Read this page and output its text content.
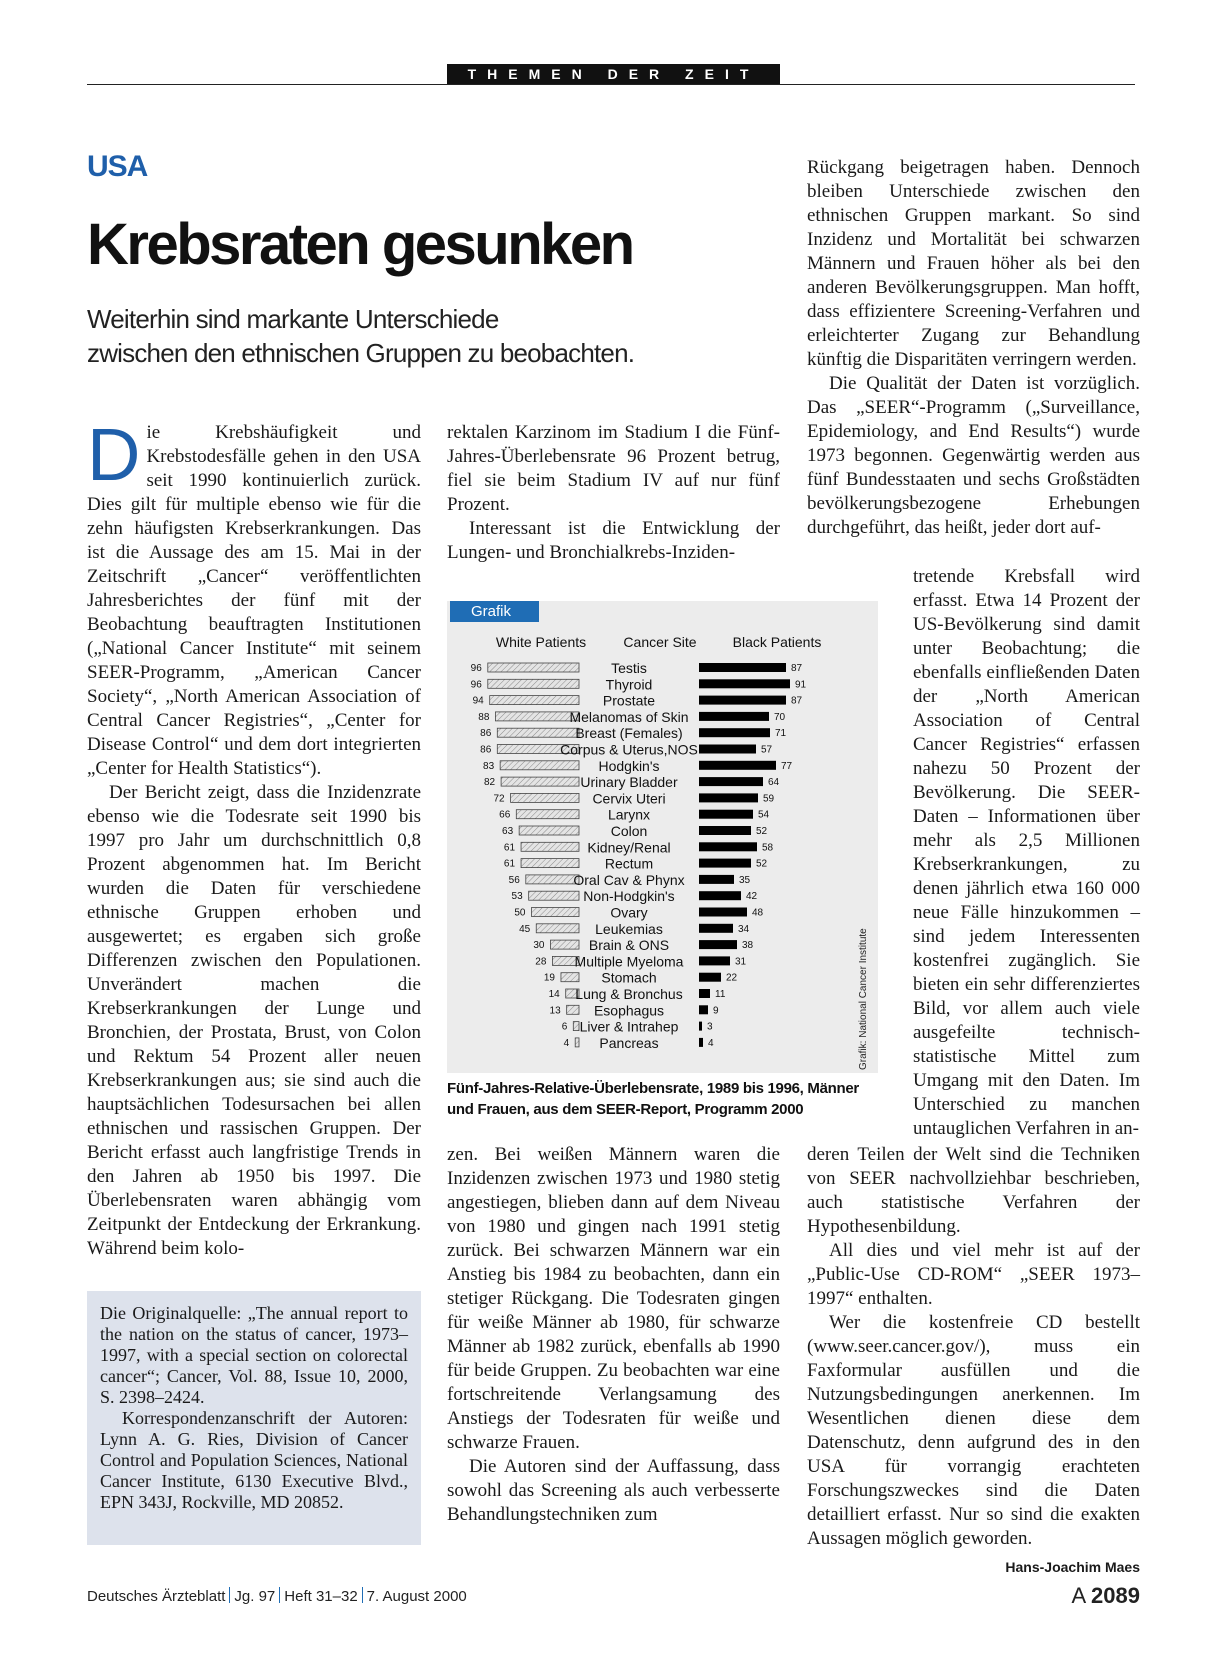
THEMEN DER ZEIT
USA
Krebsraten gesunken
Weiterhin sind markante Unterschiede
zwischen den ethnischen Gruppen zu beobachten.

Die Krebshäufigkeit und Krebstodesfälle gehen in den USA seit 1990 kontinuierlich zurück. Dies gilt für multiple ebenso wie für die zehn häufigsten Krebserkrankungen. Das ist die Aussage des am 15. Mai in der Zeitschrift „Cancer“ veröffentlichten Jahresberichtes der fünf mit der Beobachtung beauftragten Institutionen („National Cancer Institute“ mit seinem SEER-Programm, „American Cancer Society“, „North American Association of Central Cancer Registries“, „Center for Disease Control“ und dem dort integrierten „Center for Health Statistics“).

Der Bericht zeigt, dass die Inzidenzrate ebenso wie die Todesrate seit 1990 bis 1997 pro Jahr um durchschnittlich 0,8 Prozent abgenommen hat. Im Bericht wurden die Daten für verschiedene ethnische Gruppen erhoben und ausgewertet; es ergaben sich große Differenzen zwischen den Populationen. Unverändert machen die Krebserkrankungen der Lunge und Bronchien, der Prostata, Brust, von Colon und Rektum 54 Prozent aller neuen Krebserkrankungen aus; sie sind auch die hauptsächlichen Todesursachen bei allen ethnischen und rassischen Gruppen. Der Bericht erfasst auch langfristige Trends in den Jahren ab 1950 bis 1997. Die Überlebensraten waren abhängig vom Zeitpunkt der Entdeckung der Erkrankung. Während beim kolo-

rektalen Karzinom im Stadium I die Fünf-Jahres-Überlebensrate 96 Prozent betrug, fiel sie beim Stadium IV auf nur fünf Prozent.

Interessant ist die Entwicklung der Lungen- und Bronchialkrebs-Inziden-

Grafik
White Patients	Cancer Site	Black Patients
96	Testis	87
96	Thyroid	91
94	Prostate	87
88	Melanomas of Skin	70
86	Breast (Females)	71
86	Corpus & Uterus,NOS	57
83	Hodgkin's	77
82	Urinary Bladder	64
72	Cervix Uteri	59
66	Larynx	54
63	Colon	52
61	Kidney/Renal	58
61	Rectum	52
56	Oral Cav & Phynx	35
53	Non-Hodgkin's	42
50	Ovary	48
45	Leukemias	34
30	Brain & ONS	38
28 Multiple Myeloma	31
19	Stomach	22
14 Lung & Bronchus	11
13 Esophagus	9
6 Liver & Intrahep	3
4 Pancreas	4	Grafik: National Cancer Institute
Fünf-Jahres-Relative-Überlebensrate, 1989 bis 1996, Männer und Frauen, aus dem SEER-Report, Programm 2000

zen. Bei weißen Männern waren die Inzidenzen zwischen 1973 und 1980 stetig angestiegen, blieben dann auf dem Niveau von 1980 und gingen nach 1991 stetig zurück. Bei schwarzen Männern war ein Anstieg bis 1984 zu beobachten, dann ein stetiger Rückgang. Die Todesraten gingen für weiße Männer ab 1980, für schwarze Männer ab 1982 zurück, ebenfalls ab 1990 für beide Gruppen. Zu beobachten war eine fortschreitende Verlangsamung des Anstiegs der Todesraten für weiße und schwarze Frauen.

Die Autoren sind der Auffassung, dass sowohl das Screening als auch verbesserte Behandlungstechniken zum

Rückgang beigetragen haben. Dennoch bleiben Unterschiede zwischen den ethnischen Gruppen markant. So sind Inzidenz und Mortalität bei schwarzen Männern und Frauen höher als bei den anderen Bevölkerungsgruppen. Man hofft, dass effizientere Screening-Verfahren und erleichterter Zugang zur Behandlung künftig die Disparitäten verringern werden.

Die Qualität der Daten ist vorzüglich. Das „SEER“-Programm („Surveillance, Epidemiology, and End Results“) wurde 1973 begonnen. Gegenwärtig werden aus fünf Bundesstaaten und sechs Großstädten bevölkerungsbezogene Erhebungen durchgeführt, das heißt, jeder dort auf-

tretende Krebsfall wird erfasst. Etwa 14 Prozent der US-Bevölkerung sind damit unter Beobachtung; die ebenfalls einfließenden Daten der „North American Association of Central Cancer Registries“ erfassen nahezu 50 Prozent der Bevölkerung. Die SEER-Daten – Informationen über mehr als 2,5 Millionen Krebserkrankungen, zu denen jährlich etwa 160 000 neue Fälle hinzukommen – sind jedem Interessenten kostenfrei zugänglich. Sie bieten ein sehr differenziertes Bild, vor allem auch viele ausgefeilte technisch-statistische Mittel zum Umgang mit den Daten. Im Unterschied zu manchen untauglichen Verfahren in an-

deren Teilen der Welt sind die Techniken von SEER nachvollziehbar beschrieben, auch statistische Verfahren der Hypothesenbildung.

All dies und viel mehr ist auf der „Public-Use CD-ROM“ „SEER 1973–1997“ enthalten.

Wer die kostenfreie CD bestellt (www.seer.cancer.gov/), muss ein Faxformular ausfüllen und die Nutzungsbedingungen anerkennen. Im Wesentlichen dienen diese dem Datenschutz, denn aufgrund des in den USA für vorrangig erachteten Forschungszweckes sind die Daten detailliert erfasst. Nur so sind die exakten Aussagen möglich geworden.
Hans-Joachim Maes

Die Originalquelle: „The annual report to the nation on the status of cancer, 1973–1997, with a special section on colorectal cancer“; Cancer, Vol. 88, Issue 10, 2000, S. 2398–2424.

Korrespondenzanschrift der Autoren: Lynn A. G. Ries, Division of Cancer Control and Population Sciences, National Cancer Institute, 6130 Executive Blvd., EPN 343J, Rockville, MD 20852.

Deutsches Ärzteblatt Jg. 97 Heft 31–32 7. August 2000	A 2089
